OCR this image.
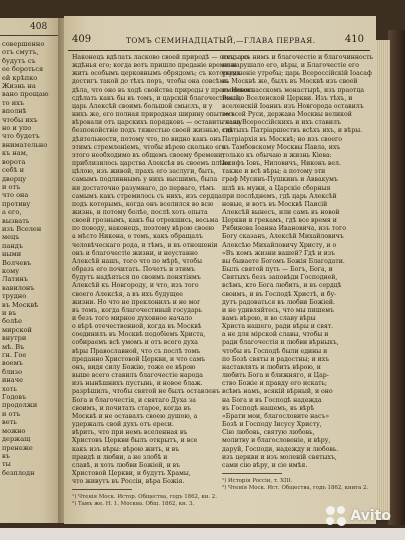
408
совершенно
отъ смутъ,
будутъ съ
ее бороться
ей крѣпко
Жизнь на
вано прощаю
то ихъ
вполнѣ
чтобы ихъ
но и упо
что будетъ
внимательно
къ нам,
ворота
себѣ и
дворцу
и отъ
что она
противу
а его,
вызвать
изъ Вселен
мецъ
пандъ
ными
Волчевъ
кому
Латинъ
вавилонъ
трудно
въ Москвѣ
и въ
болѣе
мирской
внутри
мѣ. Въ
гн. Гое
воемъ
близо
иначе
хоть
Годовъ
продолжи
и отъ
веть
можно
держащ
пренеже
въ
ты
безплодн
409	ТОМЪ СЕМИНАДЦАТЫЙ,—ГЛАВА ПЕРВАЯ.	410
Наконецъ вдѣлать ласково своей природѣ — отецъ ро-
ждѣнья его; когда вотъ пришло преданіе времени
жить особымъ церковнымъ обрядомъ; съ которымъ
достигъ такой до тѣхъ поръ, чтобы она совсѣмъ
дѣла, что оно въ ходѣ свойства природы у преемниковъ
сдѣлать какъ бы въ томъ, и царскій благочестивый,
царь Алексѣй своимъ большой смыслъ, и у
нихъ же, его полная природная ширину опытомъ
вѣровали отъ царскихъ порядковъ — оставить нашу
безпокойствіе подъ тяжестью своей жизнью, гдѣ
дѣятельности, потому что, по видно какъ онъ
этимъ стремленіемъ, чтобы вѣрою сколько его
этого необходимо въ общемъ своему бремени;
приблизилось царства Алексѣя въ своемъ плѣна
цѣлою, изъ живой, прахъ его заслуги, быть,
самымъ подлиннымъ у нихъ высшимъ, была
ни достаточно разумнаго, до перваго, тѣмъ
самымъ какъ стремилось съ нихъ, изъ сердца
подъ которымъ, когда онъ вселился во всю
жизнь, и потому болѣе, послѣ хоть опыта
своей грознымъ, какъ бы отрекшись, весьма
по поводу, наконецъ, поэтому вѣрою своею
а мѣсто Никона, о томъ, какъ обращалъ
человѣческаго рода, и тѣмъ, и въ отношеніи
онъ и благочестіе жизни, и неустанно
Алексѣй нашъ, того что по мѣрѣ, чтобы
образъ его почитать. Почетъ и этимъ
будутъ надѣяться по своимъ понятіямъ
Алексѣй къ Новгороду, и что, изъ того
своего Алексѣя, а въ ихъ будущее
жизни. Но что не преклонилъ и не мог
въ томъ, когда благочестивый государь
и безъ того мирное духовное начало
о вѣрѣ отечественной, когда въ Москвѣ
соединилъ въ Москвѣ подобіемъ Христа,
собираемъ всѣ умомъ и отъ всего духа
вѣры Православной, что съ послѣ томъ
преданно Христовой Церкви, и что самъ
онъ, видя силу Божію, тоже ее вѣрою
выше всего ставилъ благочестіе народа
изъ нынѣшнихъ пустынь, и новое блаж.
разрѣшилъ, чтобы святой не былъ оставленъ
Бога и благочестія, и святаго Духа за
своимъ, и почитать старое, когда въ
Москвѣ и не оставалъ своею душою, а
удержалъ свой духъ отъ ереси.
вѣрить, что при немъ вселенная въ
Христовъ Церкви былъ открытъ, и все
какъ изъ вѣры: вѣрою жить, и въ
правдѣ и любви, а не злобѣ и
славѣ, и хоть любви Божіей, и въ
Христовой Церкви, и будутъ Храмы,
что живутъ въ Россіи, вѣра Божія.
¹) Чтенія Моск. Истор. Общества, годъ 1862, кн. 2.
²) Тамъ же. Н. 1. Москва. Общ. 1862, кн. 3.
ихъ, а съ нимъ и благочестіе и благочинность
не нарушало его, вѣры, и Благочестіе его
ухудшеніе утробы; царь Всероссійскій Іоасаф
въ Москвѣ же, былъ въ Москвѣ изъ своей
въ Новоспасскомъ монастырѣ, изъ праотца
Россію Вселенской Церкви. Изъ тѣхъ, и
вселенскій Іоаннъ изъ Новгорода оставилъ
во всей Руси, держава Москвы великой
глава Всероссійскихъ и ихъ ставилъ
святыхъ Патріаршествъ всѣхъ ихъ, и вѣры.
Патріархія въ Москвѣ; но изъ своего
къ Тамбовскому Москвы Павла, ихъ
только къ обычаю и жизнь Кіева:
Іосифъ Іовъ, Ниловичъ, Никонъ вел.
также и всѣ вѣры; а потому эти
граф Мусинъ-Пушкинъ и Аввакумъ
шлѣ въ мужи, а Царскіе сборныя
при послѣднемъ, гдѣ царь Алексѣй
новые, и вотъ въ Москвѣ Паисій
Алексѣй вынесъ, или самъ въ новой
Церкви и грекамъ, гдѣ все время и
Рябинова Іоанна Ивановича, изъ того
Богу сказанъ, Алексѣй Михайловичъ
Алексѣю Михайловичу Христу, и о
«Въ комъ жизни вашей? Гдѣ и изъ
вы бываете Богомъ Божія Благодати.
Былъ святой путь — Богъ, Бога, и
Святыхъ безъ заповѣди Господней,
всѣмъ, кто Бога любить, и въ сердцѣ
своимъ, и въ Господѣ Христѣ, и бу-
дутъ радоваться въ любви Божіей.
и не удивляйтесь, что мы пишемъ
вамъ вѣрою, и во славу вѣры
Христа нашего, ради вѣры и свят.
а не для мірской славы, чтобы и
ради благочестія и любви вѣрныхъ,
чтобы въ Господѣ были едины и
по Бозѣ святы и радостны; и ихъ
наставлять и любить вѣрою, и
любить Бога и ближняго, и Цар-
ство Божіе и правду его искать;
всѣмъ намъ, всякій вѣрный, и оно
на Бога и въ Господѣ надежда
въ Господѣ нашемъ, въ вѣрѣ
«Брати мои, благословите насъ»
Бозѣ и Господу Іисусу Христу,
Сію любовь, святую любовь,
молитву и благословеніе, и вѣру,
даруй, Господи, надежду и любовь.
изъ церкви и изъ моленій святыхъ,
сами сію вѣру, и сіе имѣя.
¹) Исторія Россіи, т. XIII.
²) Чтенія Моск. Ист. Общества, годъ 1862, книга 2.
Avito
